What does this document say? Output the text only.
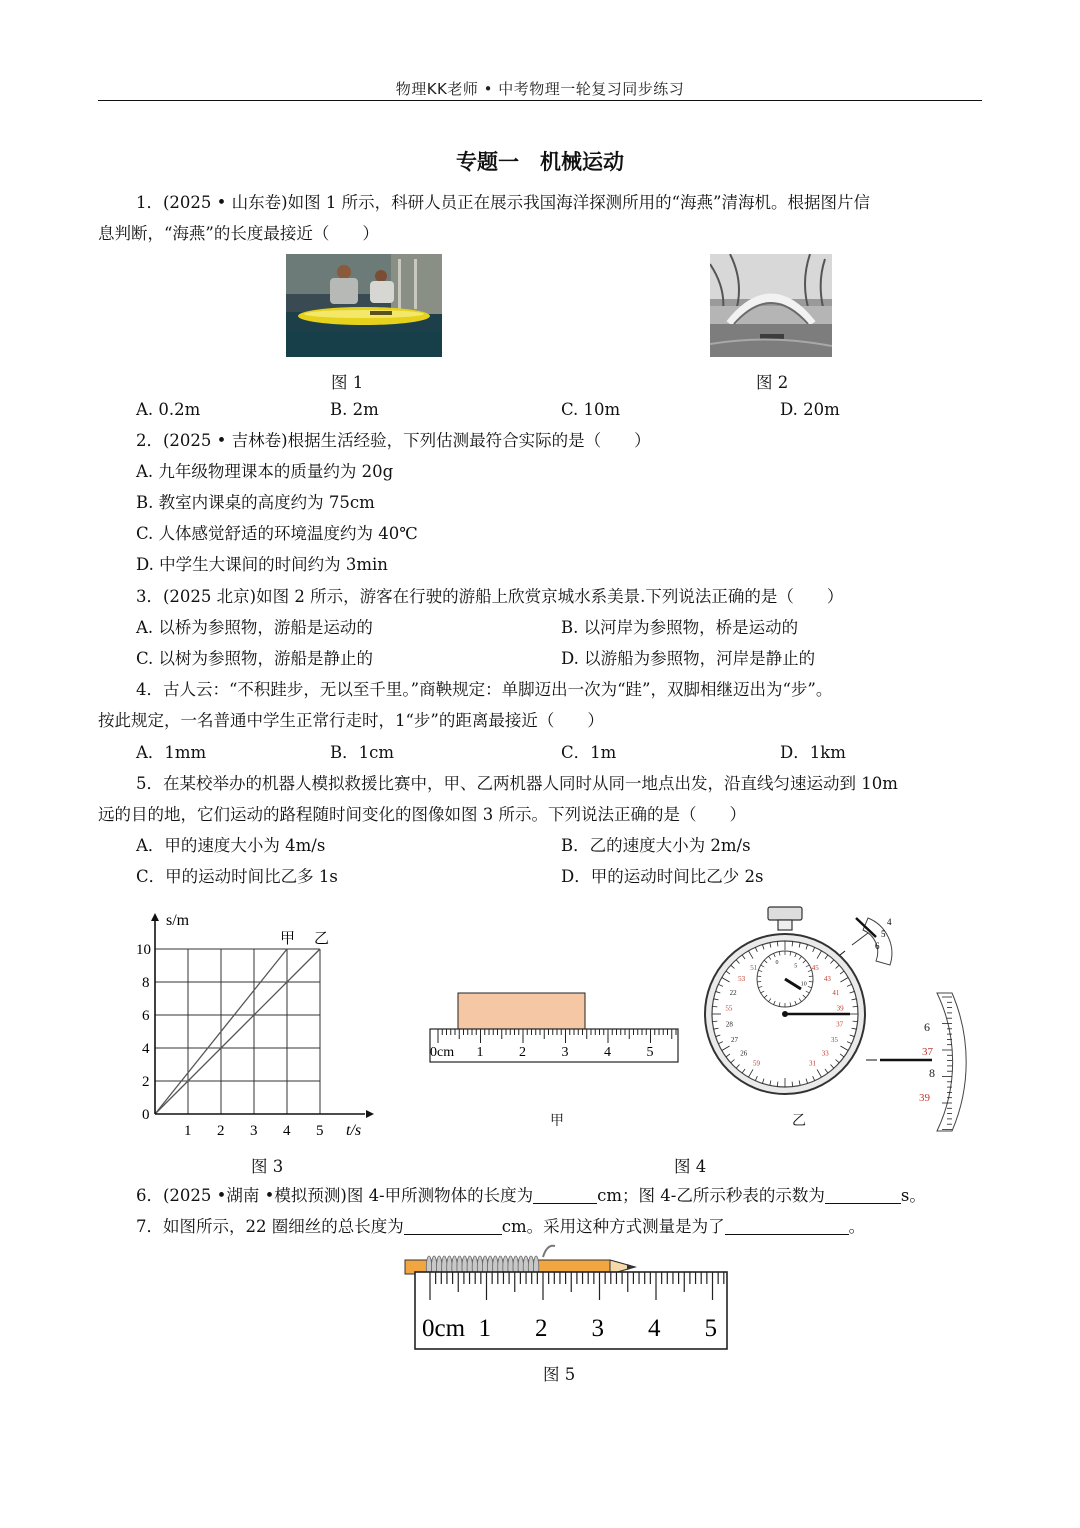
物理KK老师 • 中考物理一轮复习同步练习
专题一　机械运动
1．(2025 • 山东卷)如图 1 所示，科研人员正在展示我国海洋探测所用的“海燕”清海机。根据图片信
息判断，“海燕”的长度最接近（　　）
图 1	图 2
A. 0.2m	B. 2m	C. 10m	D. 20m
2．(2025 • 吉林卷)根据生活经验，下列估测最符合实际的是（　　）
A. 九年级物理课本的质量约为 20g
B. 教室内课桌的高度约为 75cm
C. 人体感觉舒适的环境温度约为 40℃
D. 中学生大课间的时间约为 3min
3．(2025 北京)如图 2 所示，游客在行驶的游船上欣赏京城水系美景.下列说法正确的是（　　）
A. 以桥为参照物，游船是运动的	B. 以河岸为参照物，桥是运动的
C. 以树为参照物，游船是静止的	D. 以游船为参照物，河岸是静止的
4．古人云：“不积跬步，无以至千里。”商鞅规定：单脚迈出一次为“跬”，双脚相继迈出为“步”。
按此规定，一名普通中学生正常行走时，1“步”的距离最接近（　　）
A．1mm	B．1cm	C．1m	D．1km
5．在某校举办的机器人模拟救援比赛中，甲、乙两机器人同时从同一地点出发，沿直线匀速运动到 10m
远的目的地，它们运动的路程随时间变化的图像如图 3 所示。下列说法正确的是（　　）
A．甲的速度大小为 4m/s	B．乙的速度大小为 2m/s
C．甲的运动时间比乙多 1s	D．甲的运动时间比乙少 2s
1 2 3 4 5
0
2
4
6
8
10
s/m
t/s
甲 乙
图 3
0cm 1	2	3	4	5
甲
59
26
27
28
55
22
53
51	45
43
41
39
37
35
33
31
0
5
10
4
5
6
6
37
8
39
乙
图 4
6．(2025 •湖南 •模拟预测)图 4-甲所测物体的长度为	cm；图 4-乙所示秒表的示数为	s。
7．如图所示，22 圈细丝的总长度为	cm。采用这种方式测量是为了	。
0cm 1 2 3 4 5
图 5
